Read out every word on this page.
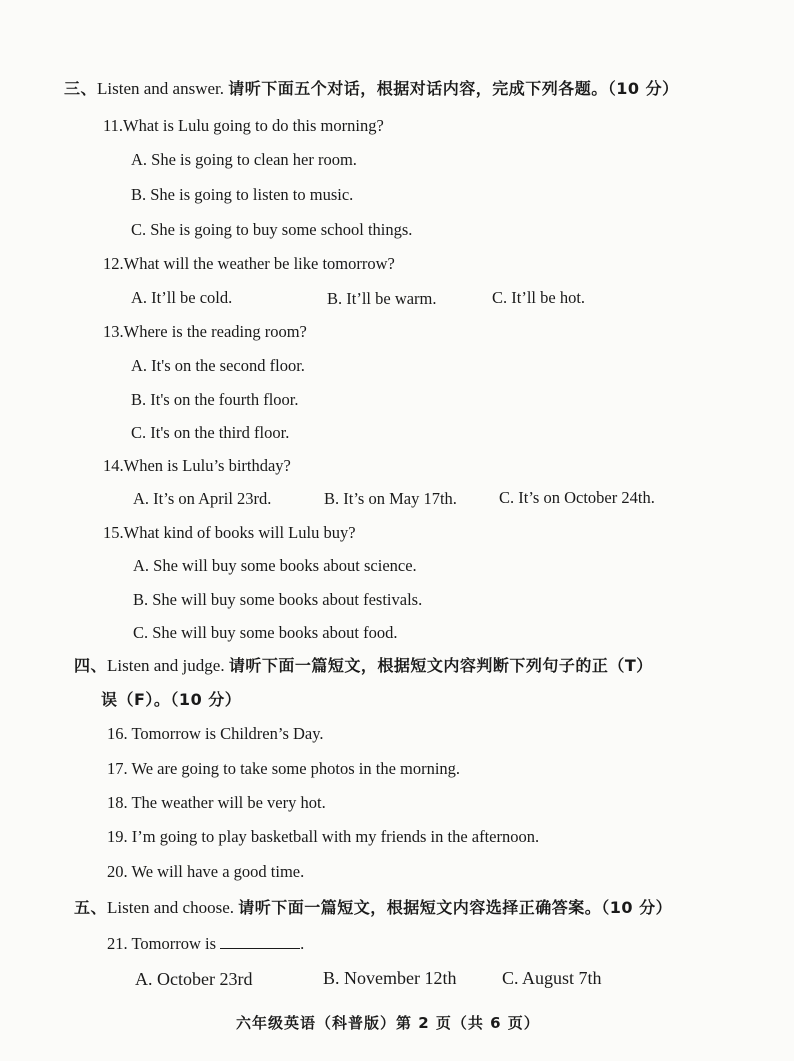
三、Listen and answer. 请听下面五个对话，根据对话内容，完成下列各题。（10 分）
11.What is Lulu going to do this morning?
A. She is going to clean her room.
B. She is going to listen to music.
C. She is going to buy some school things.
12.What will the weather be like tomorrow?
A. It’ll be cold.	B. It’ll be warm.	C. It’ll be hot.
13.Where is the reading room?
A. It's on the second floor.
B. It's on the fourth floor.
C. It's on the third floor.
14.When is Lulu’s birthday?
A. It’s on April 23rd.	B. It’s on May 17th.	C. It’s on October 24th.
15.What kind of books will Lulu buy?
A. She will buy some books about science.
B. She will buy some books about festivals.
C. She will buy some books about food.
四、Listen and judge. 请听下面一篇短文，根据短文内容判断下列句子的正（T）
误（F）。（10 分）
16. Tomorrow is Children’s Day.
17. We are going to take some photos in the morning.
18. The weather will be very hot.
19. I’m going to play basketball with my friends in the afternoon.
20. We will have a good time.
五、Listen and choose. 请听下面一篇短文，根据短文内容选择正确答案。（10 分）
21. Tomorrow is	.
A. October 23rd	B. November 12th	C. August 7th
六年级英语（科普版）第 2 页（共 6 页）
